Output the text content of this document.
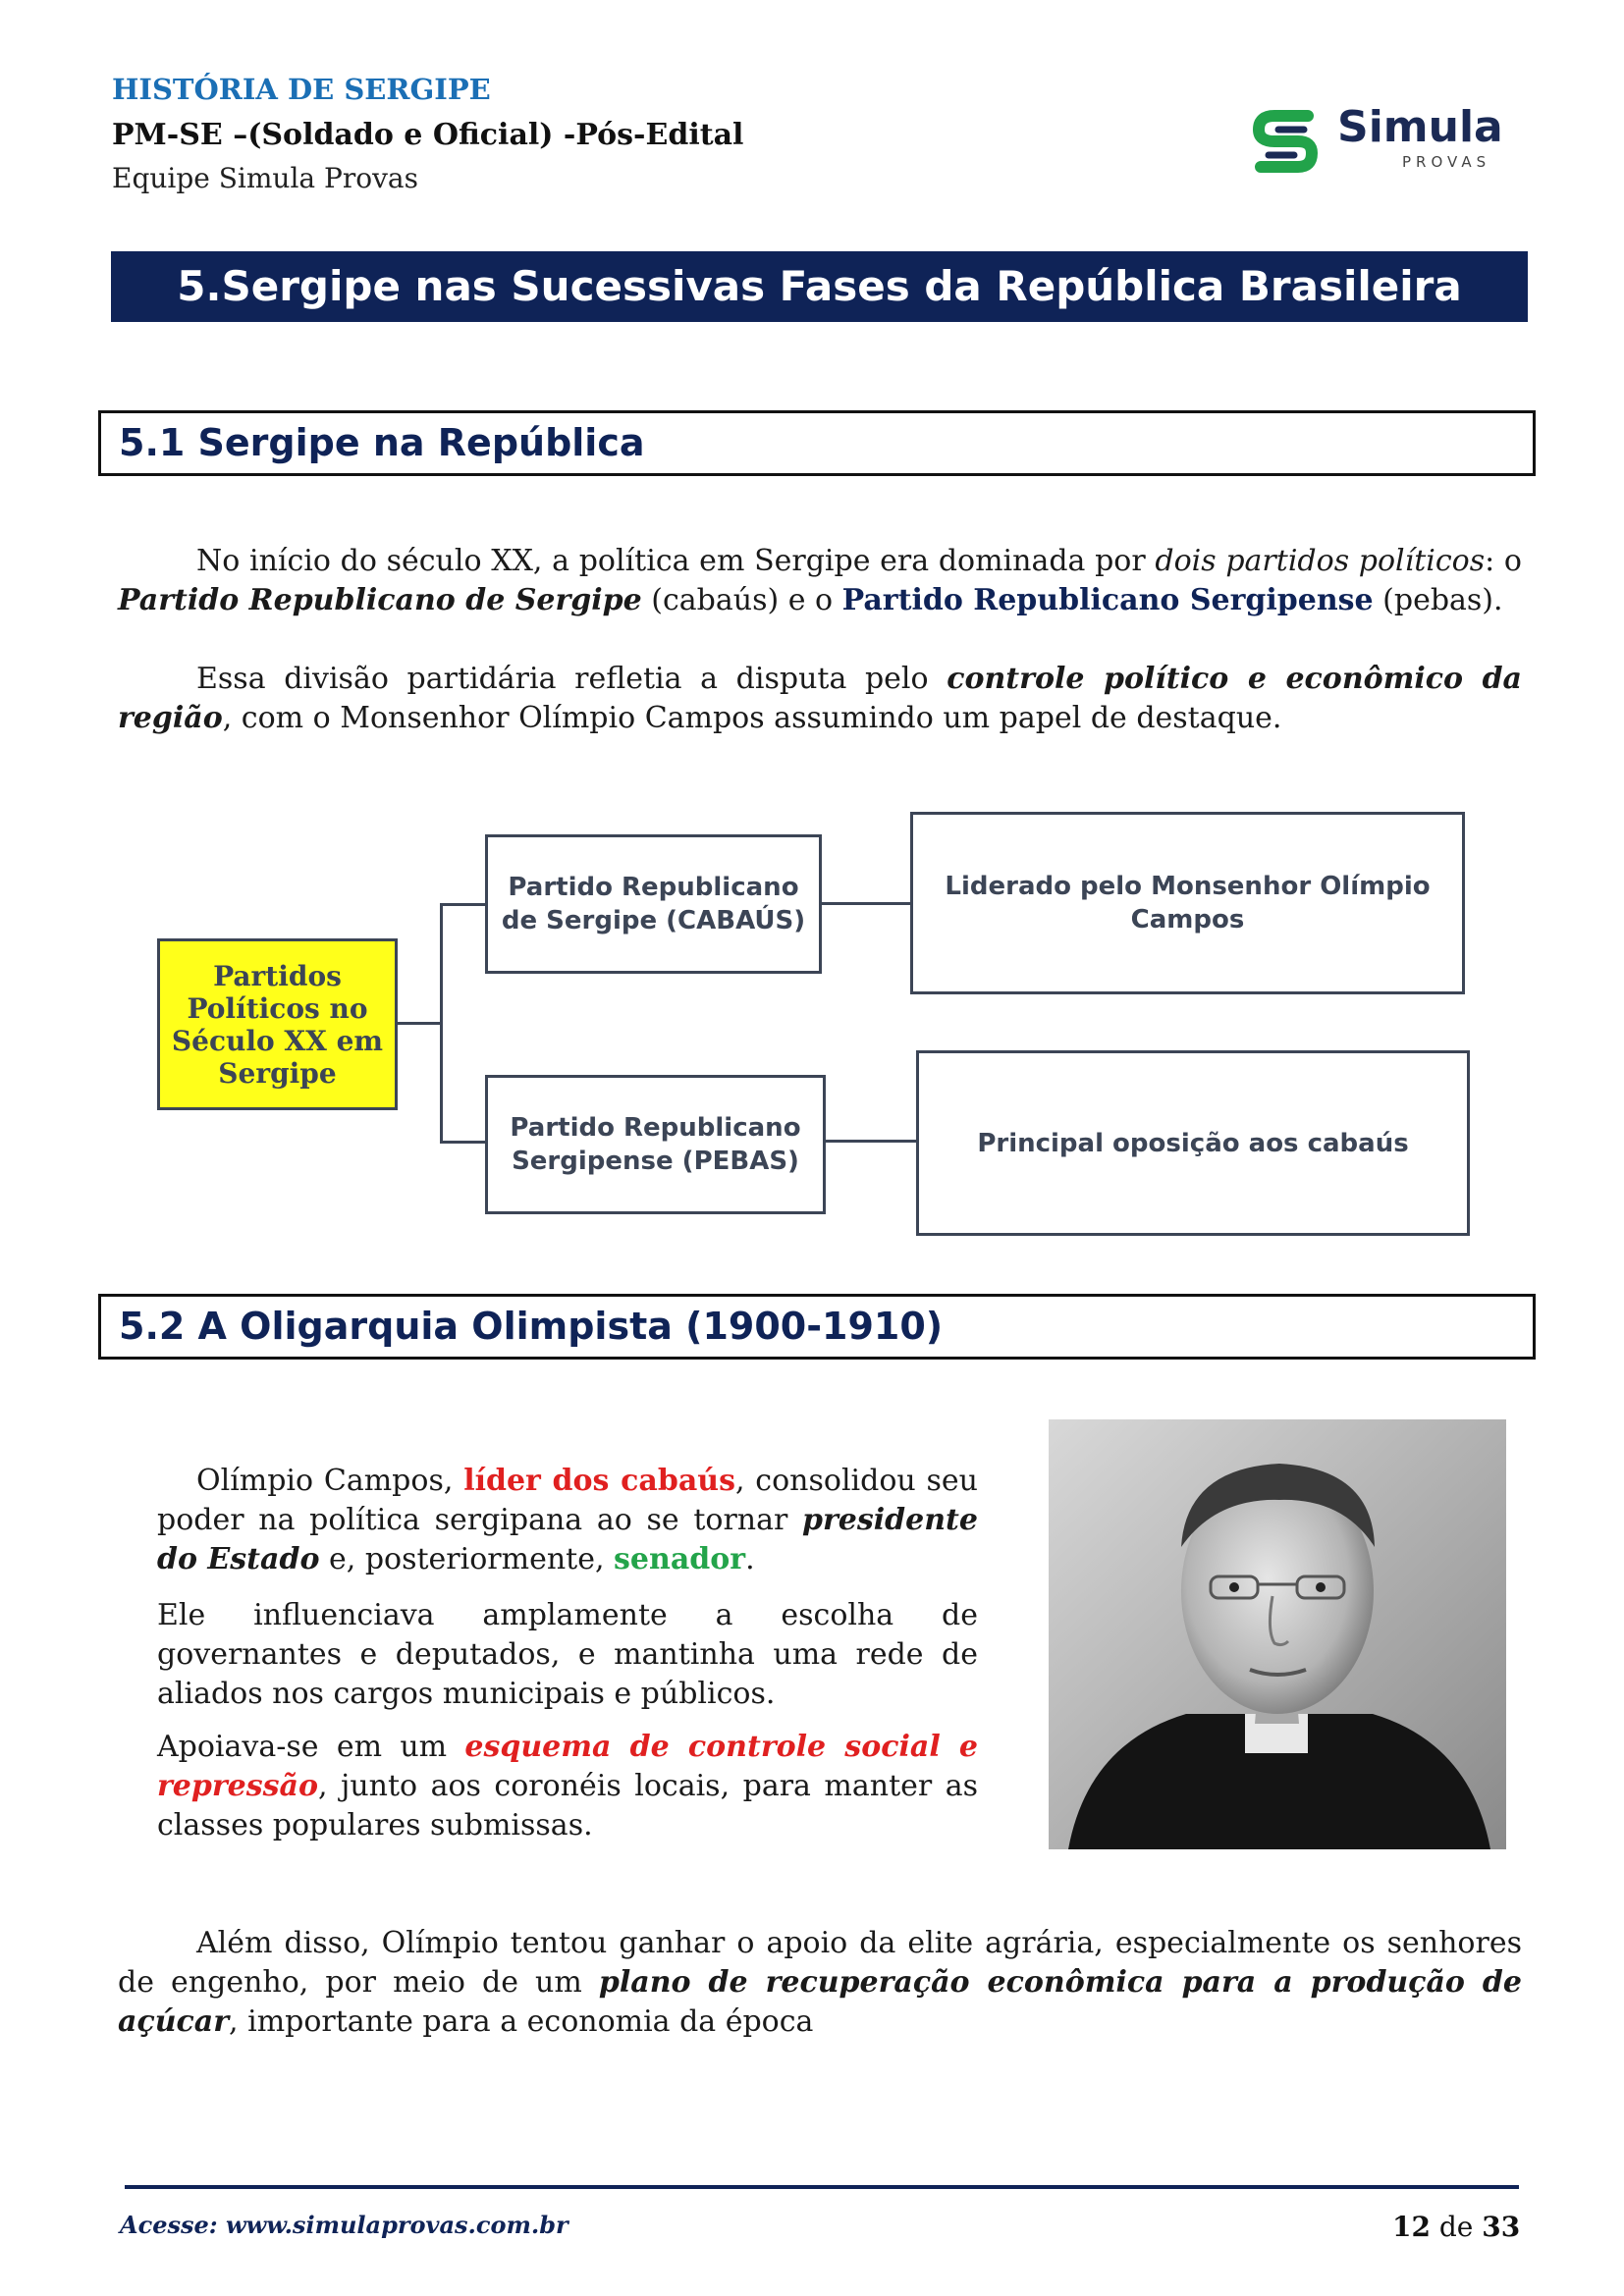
HISTÓRIA DE SERGIPE
PM-SE –(Soldado e Oficial) -Pós-Edital
Equipe Simula Provas
Simula
PROVAS
5.Sergipe nas Sucessivas Fases da República Brasileira
5.1 Sergipe na República
No início do século XX, a política em Sergipe era dominada por dois partidos políticos: o Partido Republicano de Sergipe (cabaús) e o Partido Republicano Sergipense (pebas).
Essa divisão partidária refletia a disputa pelo controle político e econômico da região, com o Monsenhor Olímpio Campos assumindo um papel de destaque.
Partidos Políticos no Século XX em Sergipe
Partido Republicano de Sergipe (CABAÚS)
Liderado pelo Monsenhor Olímpio Campos
Partido Republicano Sergipense (PEBAS)
Principal oposição aos cabaús
5.2 A Oligarquia Olimpista (1900-1910)
Olímpio Campos, líder dos cabaús, consolidou seu poder na política sergipana ao se tornar presidente do Estado e, posteriormente, senador.
Ele influenciava amplamente a escolha de governantes e deputados, e mantinha uma rede de aliados nos cargos municipais e públicos.
Apoiava-se em um esquema de controle social e repressão, junto aos coronéis locais, para manter as classes populares submissas.
Além disso, Olímpio tentou ganhar o apoio da elite agrária, especialmente os senhores de engenho, por meio de um plano de recuperação econômica para a produção de açúcar, importante para a economia da época
Acesse: www.simulaprovas.com.br	12 de 33
